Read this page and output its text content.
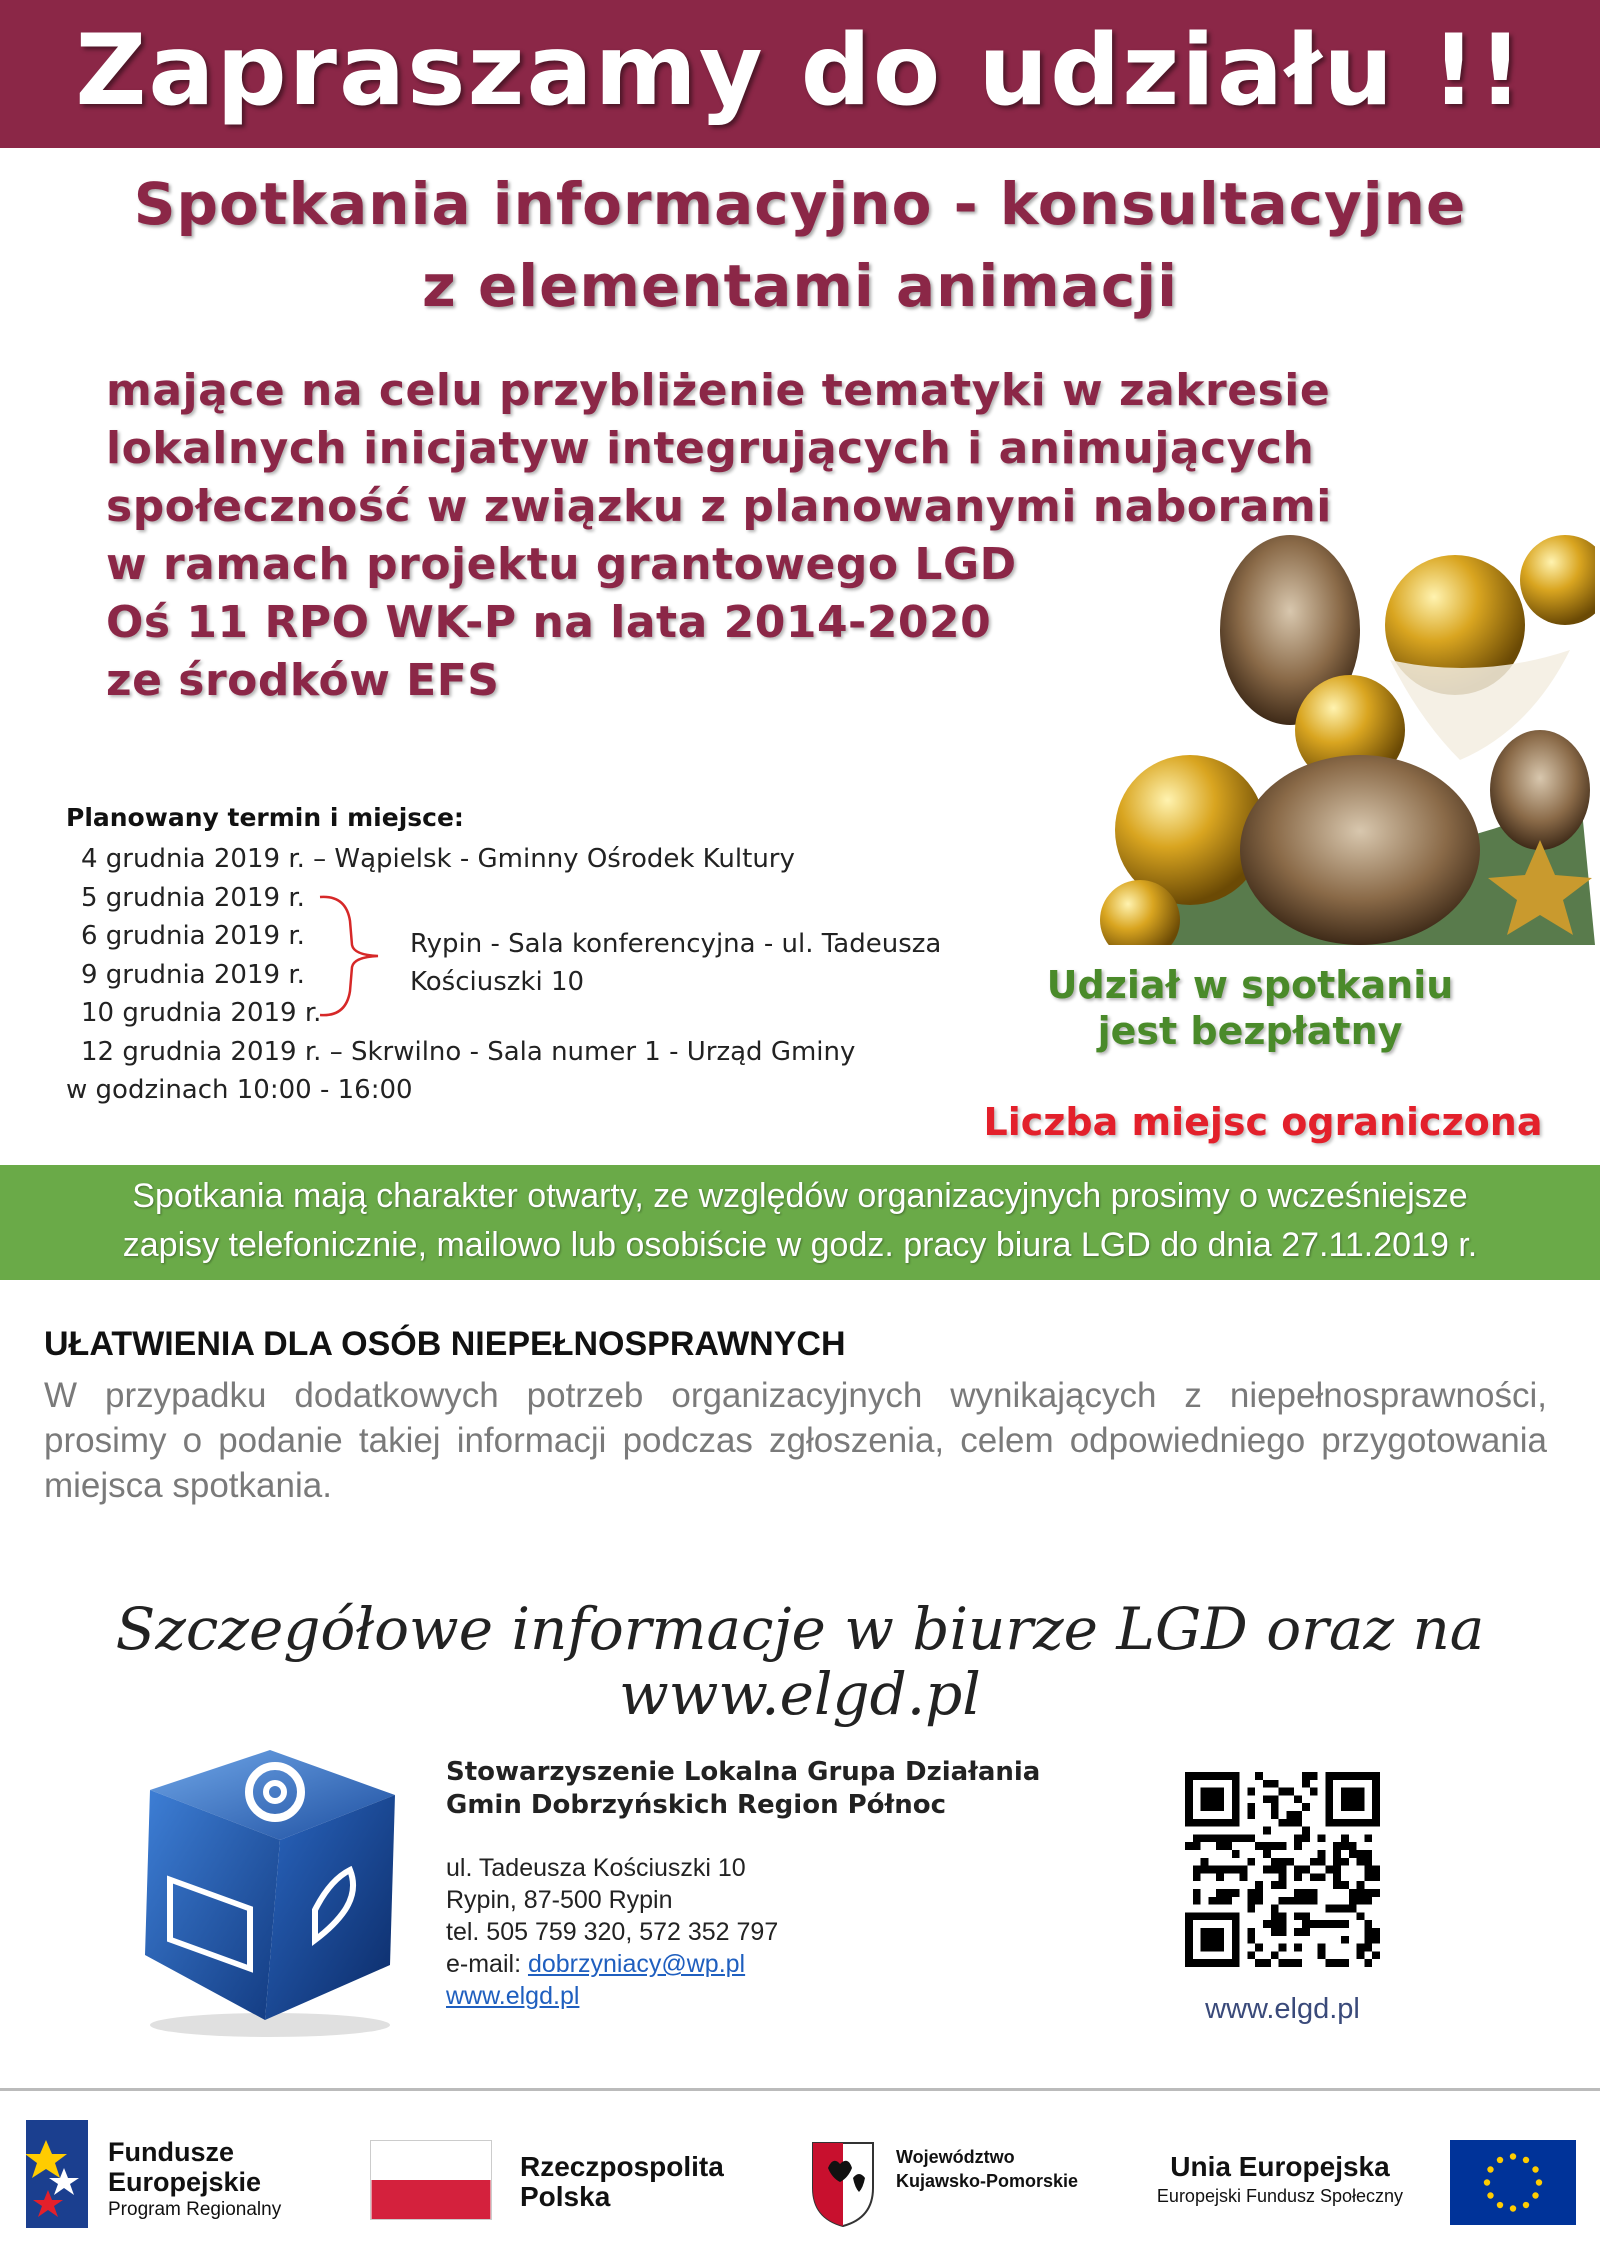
Zapraszamy do udziału !!
Spotkania informacyjno - konsultacyjne
z elementami animacji
mające na celu przybliżenie tematyki w zakresie
lokalnych inicjatyw integrujących i animujących
społeczność w związku z planowanymi naborami
w ramach projektu grantowego LGD
Oś 11 RPO WK-P na lata 2014-2020
ze środków EFS
Planowany termin i miejsce:
4 grudnia 2019 r. – Wąpielsk - Gminny Ośrodek Kultury
5 grudnia 2019 r.
6 grudnia 2019 r.
9 grudnia 2019 r.
10 grudnia 2019 r.
12 grudnia 2019 r. – Skrwilno - Sala numer 1 - Urząd Gminy
w godzinach 10:00 - 16:00
Rypin - Sala konferencyjna - ul. Tadeusza
Kościuszki 10	Udział w spotkaniu
jest bezpłatny
Liczba miejsc ograniczona
Spotkania mają charakter otwarty, ze względów organizacyjnych prosimy o wcześniejsze
zapisy telefonicznie, mailowo lub osobiście w godz. pracy biura LGD do dnia 27.11.2019 r.
UŁATWIENIA DLA OSÓB NIEPEŁNOSPRAWNYCH
W przypadku dodatkowych potrzeb organizacyjnych wynikających z niepełnosprawności, prosimy o podanie takiej informacji podczas zgłoszenia, celem odpowiedniego przygotowania miejsca spotkania.
Szczegółowe informacje w biurze LGD oraz na
www.elgd.pl
Stowarzyszenie Lokalna Grupa Działania
Gmin Dobrzyńskich Region Północ
ul. Tadeusza Kościuszki 10
Rypin, 87-500 Rypin
tel. 505 759 320, 572 352 797
e-mail: dobrzyniacy@wp.pl
www.elgd.pl	www.elgd.pl
Fundusze
Europejskie
Program Regionalny
Rzeczpospolita
Polska
Województwo
Kujawsko-Pomorskie	Unia Europejska
Europejski Fundusz Społeczny
